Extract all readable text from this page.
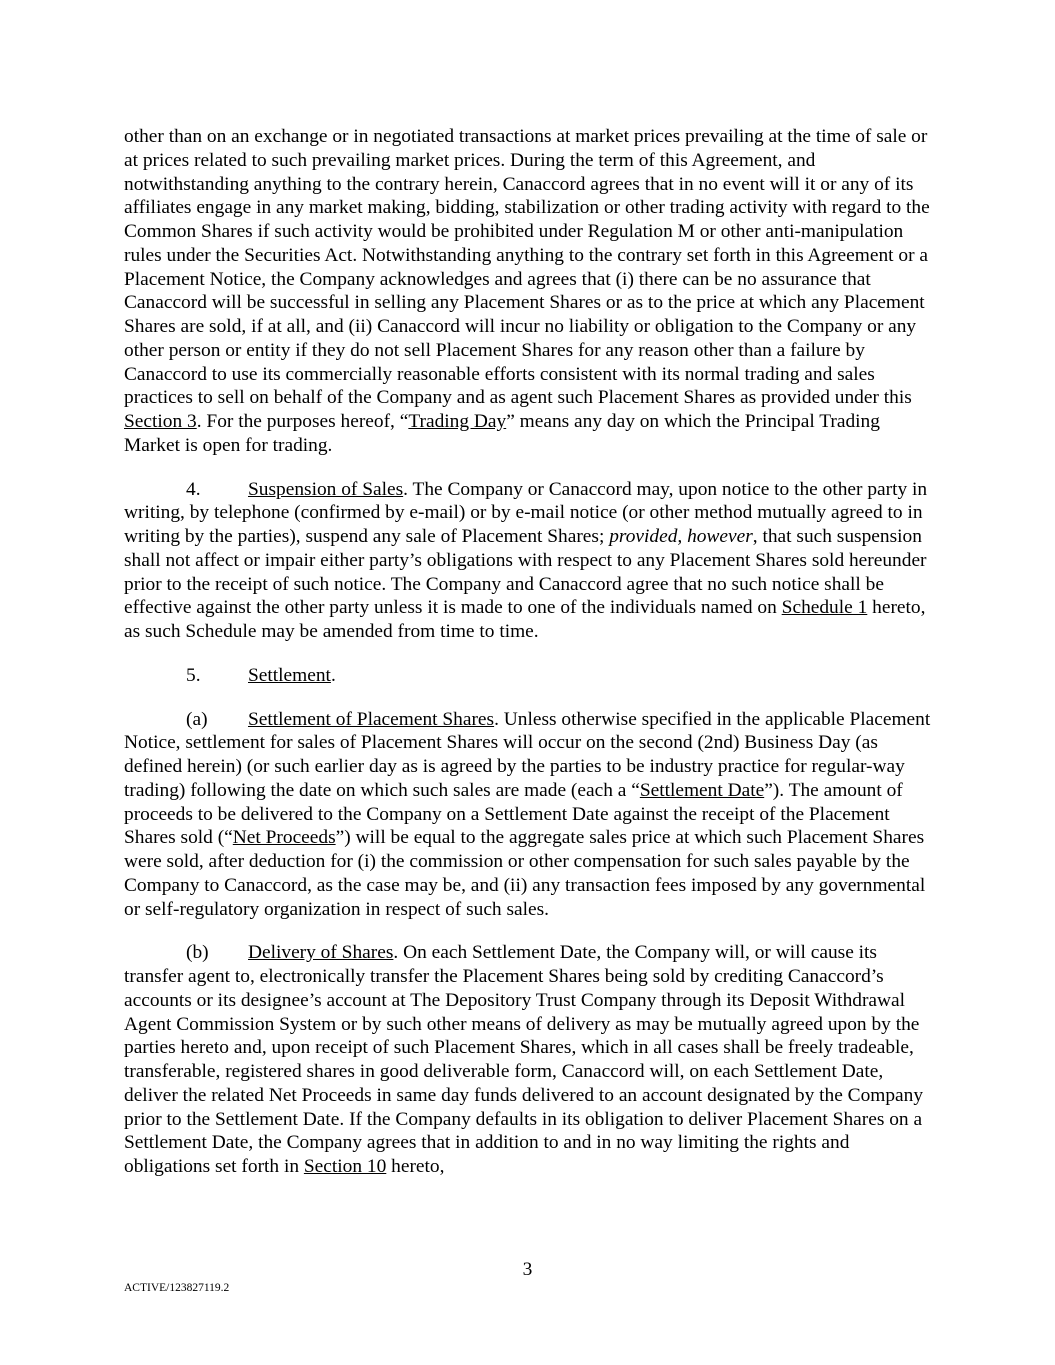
other than on an exchange or in negotiated transactions at market prices prevailing at the time of sale or at prices related to such prevailing market prices. During the term of this Agreement, and notwithstanding anything to the contrary herein, Canaccord agrees that in no event will it or any of its affiliates engage in any market making, bidding, stabilization or other trading activity with regard to the Common Shares if such activity would be prohibited under Regulation M or other anti-manipulation rules under the Securities Act. Notwithstanding anything to the contrary set forth in this Agreement or a Placement Notice, the Company acknowledges and agrees that (i) there can be no assurance that Canaccord will be successful in selling any Placement Shares or as to the price at which any Placement Shares are sold, if at all, and (ii) Canaccord will incur no liability or obligation to the Company or any other person or entity if they do not sell Placement Shares for any reason other than a failure by Canaccord to use its commercially reasonable efforts consistent with its normal trading and sales practices to sell on behalf of the Company and as agent such Placement Shares as provided under this Section 3. For the purposes hereof, “Trading Day” means any day on which the Principal Trading Market is open for trading.

4. Suspension of Sales. The Company or Canaccord may, upon notice to the other party in writing, by telephone (confirmed by e-mail) or by e-mail notice (or other method mutually agreed to in writing by the parties), suspend any sale of Placement Shares; provided, however, that such suspension shall not affect or impair either party’s obligations with respect to any Placement Shares sold hereunder prior to the receipt of such notice. The Company and Canaccord agree that no such notice shall be effective against the other party unless it is made to one of the individuals named on Schedule 1 hereto, as such Schedule may be amended from time to time.

5. Settlement.

(a) Settlement of Placement Shares. Unless otherwise specified in the applicable Placement Notice, settlement for sales of Placement Shares will occur on the second (2nd) Business Day (as defined herein) (or such earlier day as is agreed by the parties to be industry practice for regular-way trading) following the date on which such sales are made (each a “Settlement Date”). The amount of proceeds to be delivered to the Company on a Settlement Date against the receipt of the Placement Shares sold (“Net Proceeds”) will be equal to the aggregate sales price at which such Placement Shares were sold, after deduction for (i) the commission or other compensation for such sales payable by the Company to Canaccord, as the case may be, and (ii) any transaction fees imposed by any governmental or self-regulatory organization in respect of such sales.

(b) Delivery of Shares. On each Settlement Date, the Company will, or will cause its transfer agent to, electronically transfer the Placement Shares being sold by crediting Canaccord’s accounts or its designee’s account at The Depository Trust Company through its Deposit Withdrawal Agent Commission System or by such other means of delivery as may be mutually agreed upon by the parties hereto and, upon receipt of such Placement Shares, which in all cases shall be freely tradeable, transferable, registered shares in good deliverable form, Canaccord will, on each Settlement Date, deliver the related Net Proceeds in same day funds delivered to an account designated by the Company prior to the Settlement Date. If the Company defaults in its obligation to deliver Placement Shares on a Settlement Date, the Company agrees that in addition to and in no way limiting the rights and obligations set forth in Section 10 hereto,

3
ACTIVE/123827119.2
